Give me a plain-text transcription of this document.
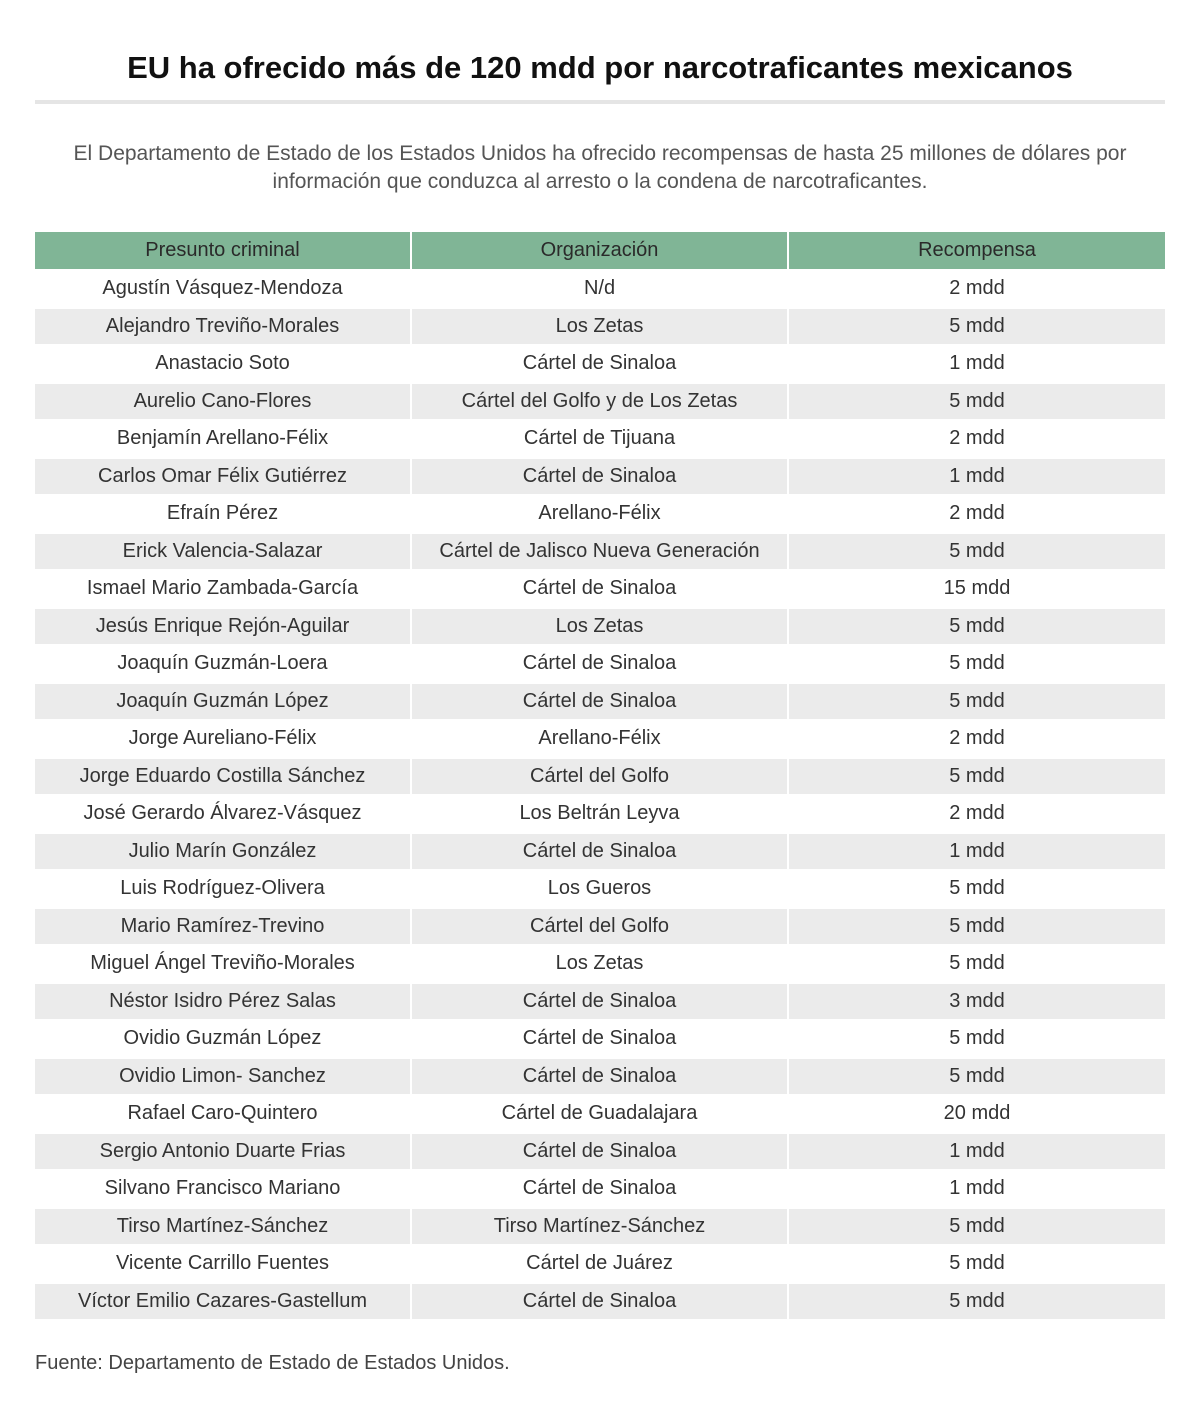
EU ha ofrecido más de 120 mdd por narcotraficantes mexicanos

El Departamento de Estado de los Estados Unidos ha ofrecido recompensas de hasta 25 millones de dólares por información que conduzca al arresto o la condena de narcotraficantes.

Presunto criminal	Organización	Recompensa
Agustín Vásquez-Mendoza	N/d	2 mdd
Alejandro Treviño-Morales	Los Zetas	5 mdd
Anastacio Soto	Cártel de Sinaloa	1 mdd
Aurelio Cano-Flores	Cártel del Golfo y de Los Zetas	5 mdd
Benjamín Arellano-Félix	Cártel de Tijuana	2 mdd
Carlos Omar Félix Gutiérrez	Cártel de Sinaloa	1 mdd
Efraín Pérez	Arellano-Félix	2 mdd
Erick Valencia-Salazar	Cártel de Jalisco Nueva Generación	5 mdd
Ismael Mario Zambada-García	Cártel de Sinaloa	15 mdd
Jesús Enrique Rejón-Aguilar	Los Zetas	5 mdd
Joaquín Guzmán-Loera	Cártel de Sinaloa	5 mdd
Joaquín Guzmán López	Cártel de Sinaloa	5 mdd
Jorge Aureliano-Félix	Arellano-Félix	2 mdd
Jorge Eduardo Costilla Sánchez	Cártel del Golfo	5 mdd
José Gerardo Álvarez-Vásquez	Los Beltrán Leyva	2 mdd
Julio Marín González	Cártel de Sinaloa	1 mdd
Luis Rodríguez-Olivera	Los Gueros	5 mdd
Mario Ramírez-Trevino	Cártel del Golfo	5 mdd
Miguel Ángel Treviño-Morales	Los Zetas	5 mdd
Néstor Isidro Pérez Salas	Cártel de Sinaloa	3 mdd
Ovidio Guzmán López	Cártel de Sinaloa	5 mdd
Ovidio Limon- Sanchez	Cártel de Sinaloa	5 mdd
Rafael Caro-Quintero	Cártel de Guadalajara	20 mdd
Sergio Antonio Duarte Frias	Cártel de Sinaloa	1 mdd
Silvano Francisco Mariano	Cártel de Sinaloa	1 mdd
Tirso Martínez-Sánchez	Tirso Martínez-Sánchez	5 mdd
Vicente Carrillo Fuentes	Cártel de Juárez	5 mdd
Víctor Emilio Cazares-Gastellum	Cártel de Sinaloa	5 mdd

Fuente: Departamento de Estado de Estados Unidos.
